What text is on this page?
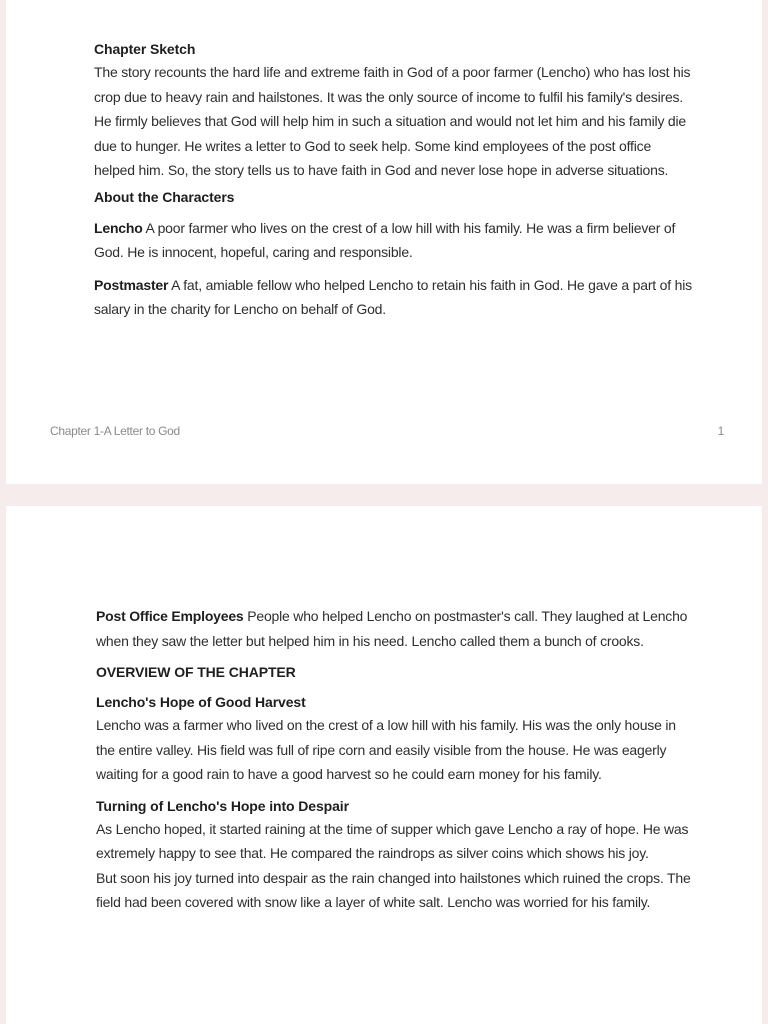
Chapter Sketch

The story recounts the hard life and extreme faith in God of a poor farmer (Lencho) who has lost his crop due to heavy rain and hailstones. It was the only source of income to fulfil his family's desires. He firmly believes that God will help him in such a situation and would not let him and his family die due to hunger. He writes a letter to God to seek help. Some kind employees of the post office helped him. So, the story tells us to have faith in God and never lose hope in adverse situations.

About the Characters

Lencho A poor farmer who lives on the crest of a low hill with his family. He was a firm believer of God. He is innocent, hopeful, caring and responsible.

Postmaster A fat, amiable fellow who helped Lencho to retain his faith in God. He gave a part of his salary in the charity for Lencho on behalf of God.

Chapter 1-A Letter to God	1

Post Office Employees People who helped Lencho on postmaster's call. They laughed at Lencho when they saw the letter but helped him in his need. Lencho called them a bunch of crooks.

OVERVIEW OF THE CHAPTER
Lencho's Hope of Good Harvest

Lencho was a farmer who lived on the crest of a low hill with his family. His was the only house in the entire valley. His field was full of ripe corn and easily visible from the house. He was eagerly waiting for a good rain to have a good harvest so he could earn money for his family.

Turning of Lencho's Hope into Despair

As Lencho hoped, it started raining at the time of supper which gave Lencho a ray of hope. He was extremely happy to see that. He compared the raindrops as silver coins which shows his joy.

But soon his joy turned into despair as the rain changed into hailstones which ruined the crops. The field had been covered with snow like a layer of white salt. Lencho was worried for his family.
